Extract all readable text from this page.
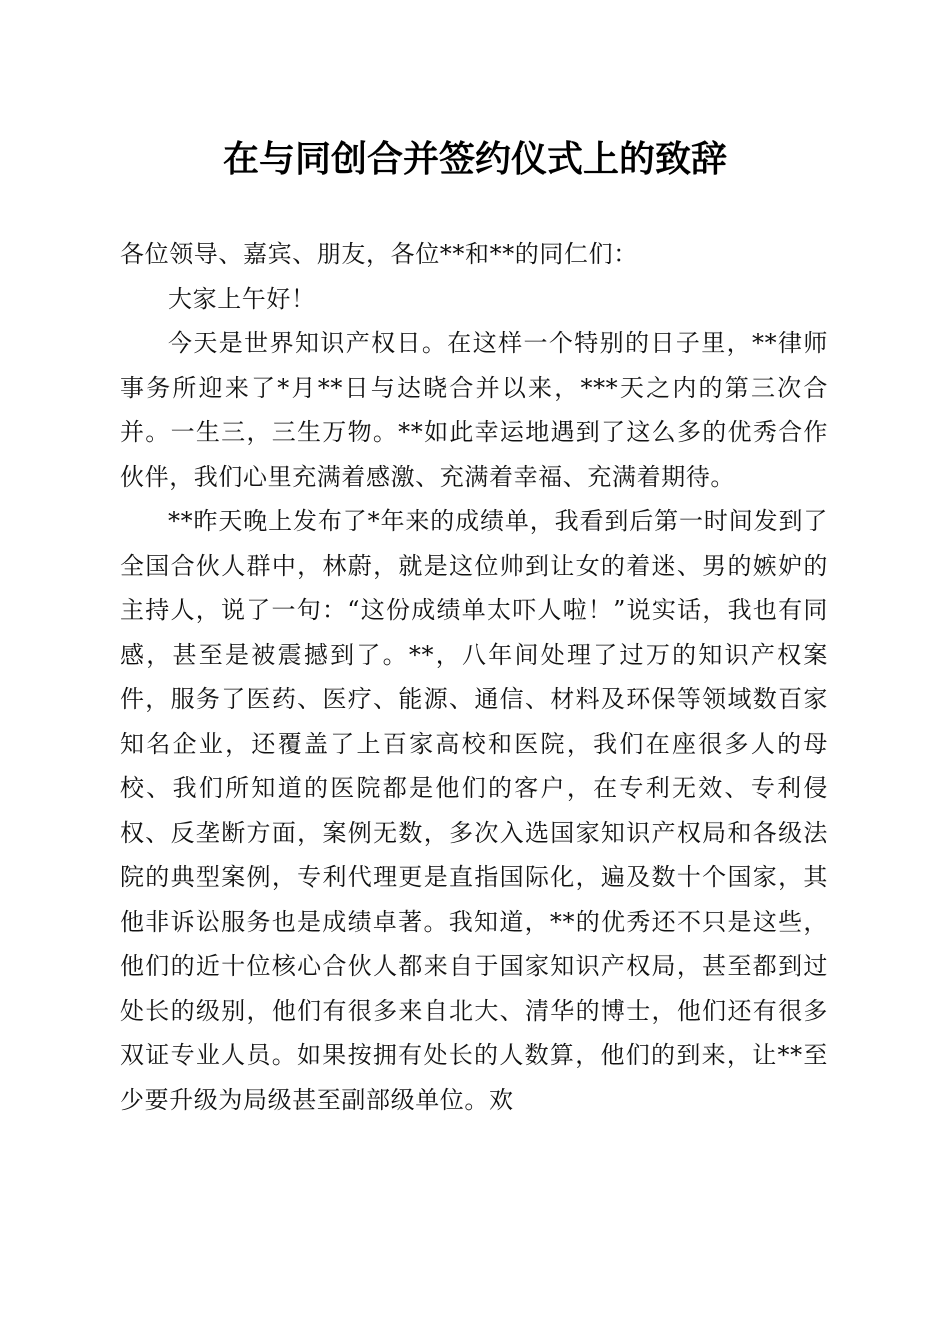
在与同创合并签约仪式上的致辞

各位领导、嘉宾、朋友，各位**和**的同仁们：

大家上午好！

今天是世界知识产权日。在这样一个特别的日子里，**律师事务所迎来了*月**日与达晓合并以来，***天之内的第三次合并。一生三，三生万物。**如此幸运地遇到了这么多的优秀合作伙伴，我们心里充满着感激、充满着幸福、充满着期待。

**昨天晚上发布了*年来的成绩单，我看到后第一时间发到了全国合伙人群中，林蔚，就是这位帅到让女的着迷、男的嫉妒的主持人，说了一句：“这份成绩单太吓人啦！”说实话，我也有同感，甚至是被震撼到了。**，八年间处理了过万的知识产权案件，服务了医药、医疗、能源、通信、材料及环保等领域数百家知名企业，还覆盖了上百家高校和医院，我们在座很多人的母校、我们所知道的医院都是他们的客户，在专利无效、专利侵权、反垄断方面，案例无数，多次入选国家知识产权局和各级法院的典型案例，专利代理更是直指国际化，遍及数十个国家，其他非诉讼服务也是成绩卓著。我知道，**的优秀还不只是这些，他们的近十位核心合伙人都来自于国家知识产权局，甚至都到过处长的级别，他们有很多来自北大、清华的博士，他们还有很多双证专业人员。如果按拥有处长的人数算，他们的到来，让**至少要升级为局级甚至副部级单位。欢
